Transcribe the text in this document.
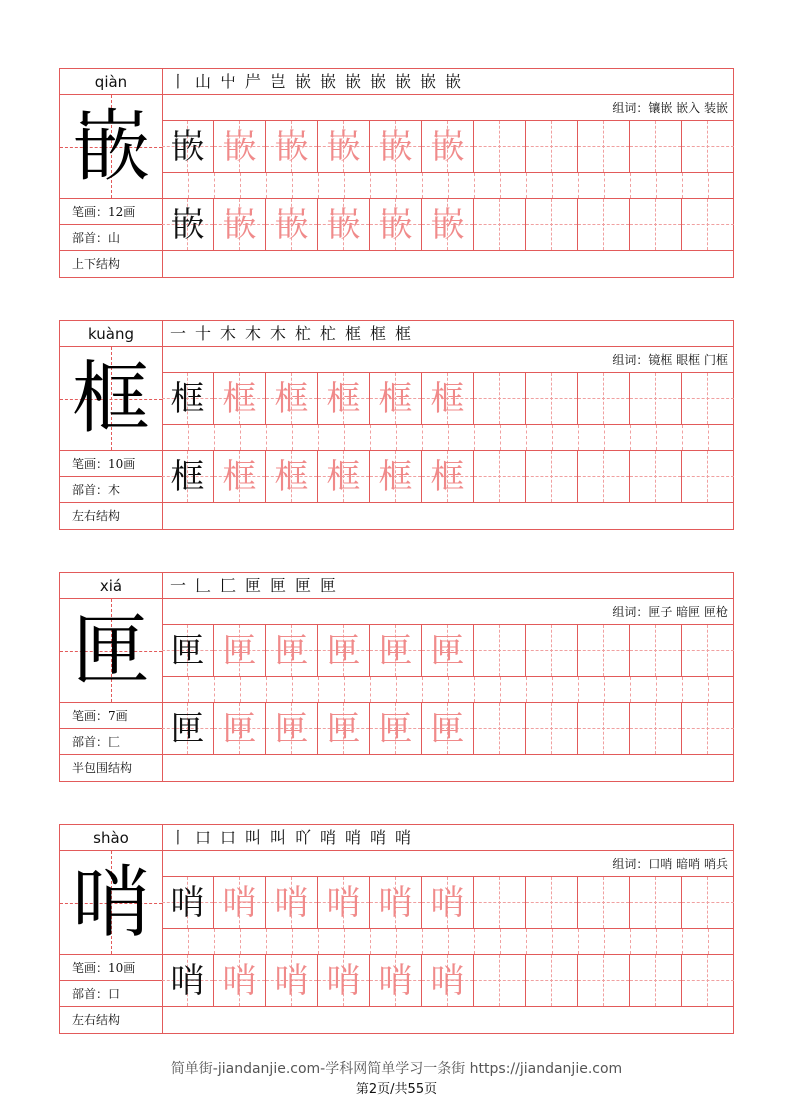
qiàn
嵌
笔画：12画
部首：山
上下结构
丨 山 屮 屵 岂 嵌 嵌 嵌 嵌 嵌 嵌 嵌
组词：镶嵌 嵌入 装嵌
嵌 嵌 嵌 嵌 嵌 嵌
嵌 嵌 嵌 嵌 嵌 嵌
kuàng
框
笔画：10画
部首：木
左右结构
一 十 木 木 木 杧 杧 框 框 框
组词：镜框 眼框 门框
框 框 框 框 框 框
框 框 框 框 框 框
xiá
匣
笔画：7画
部首：匚
半包围结构
一 𠃊 匚 匣 匣 匣 匣
组词：匣子 暗匣 匣枪
匣 匣 匣 匣 匣 匣
匣 匣 匣 匣 匣 匣
shào
哨
笔画：10画
部首：口
左右结构
丨 口 口 叫 叫 吖 哨 哨 哨 哨
组词：口哨 暗哨 哨兵
哨 哨 哨 哨 哨 哨
哨 哨 哨 哨 哨 哨
简单街-jiandanjie.com-学科网简单学习一条街 https://jiandanjie.com
第2页/共55页
